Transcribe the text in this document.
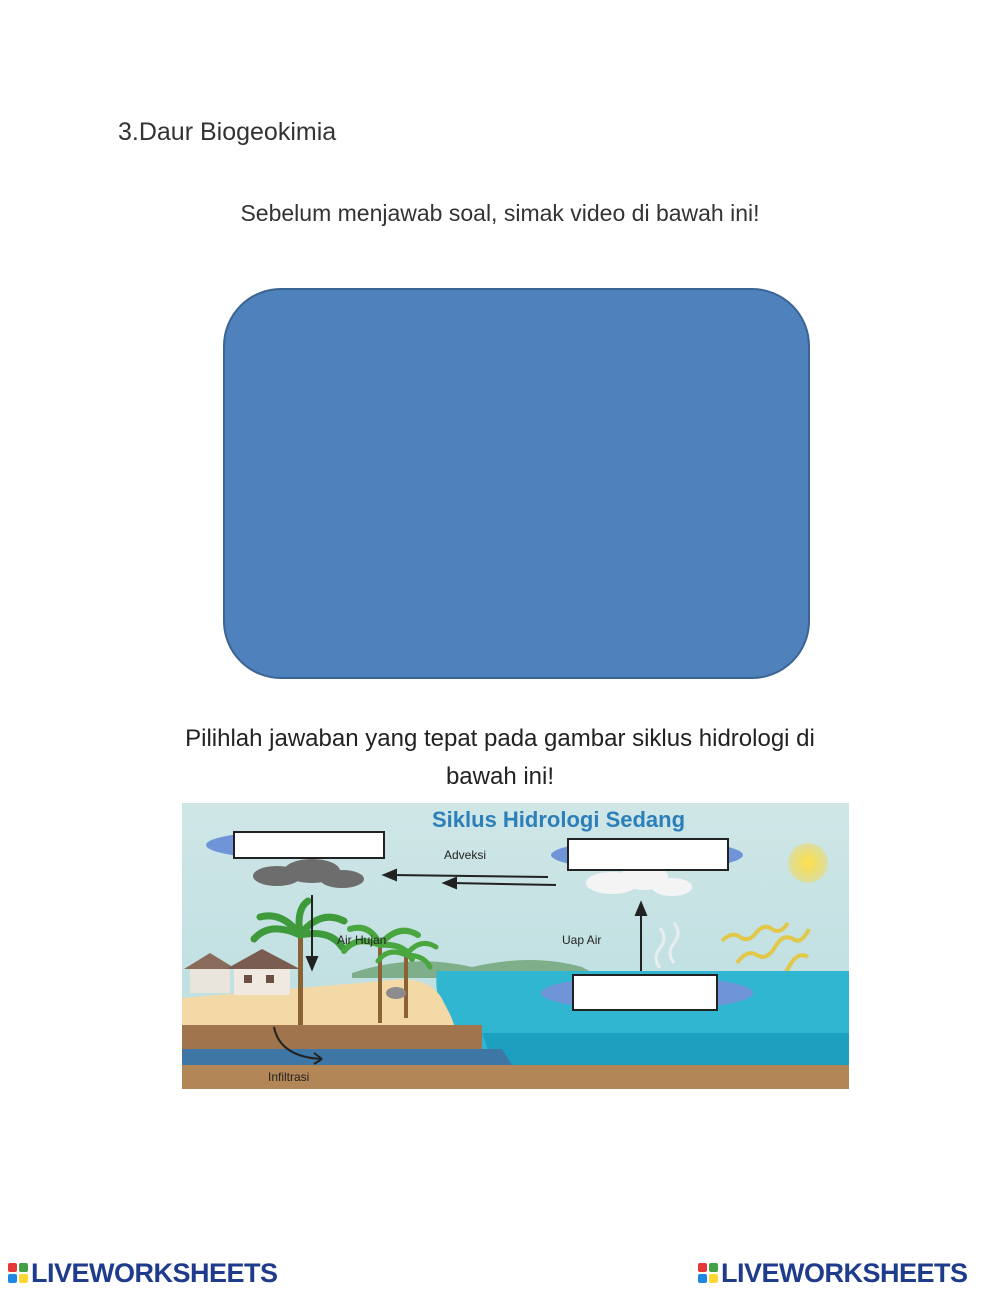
3.Daur Biogeokimia
Sebelum menjawab soal, simak video di bawah ini!
Pilihlah jawaban yang tepat pada gambar siklus hidrologi di
bawah ini!
Siklus Hidrologi Sedang
Adveksi
Air Hujan	Uap Air
Infiltrasi
LIVEWORKSHEETS	LIVEWORKSHEETS
